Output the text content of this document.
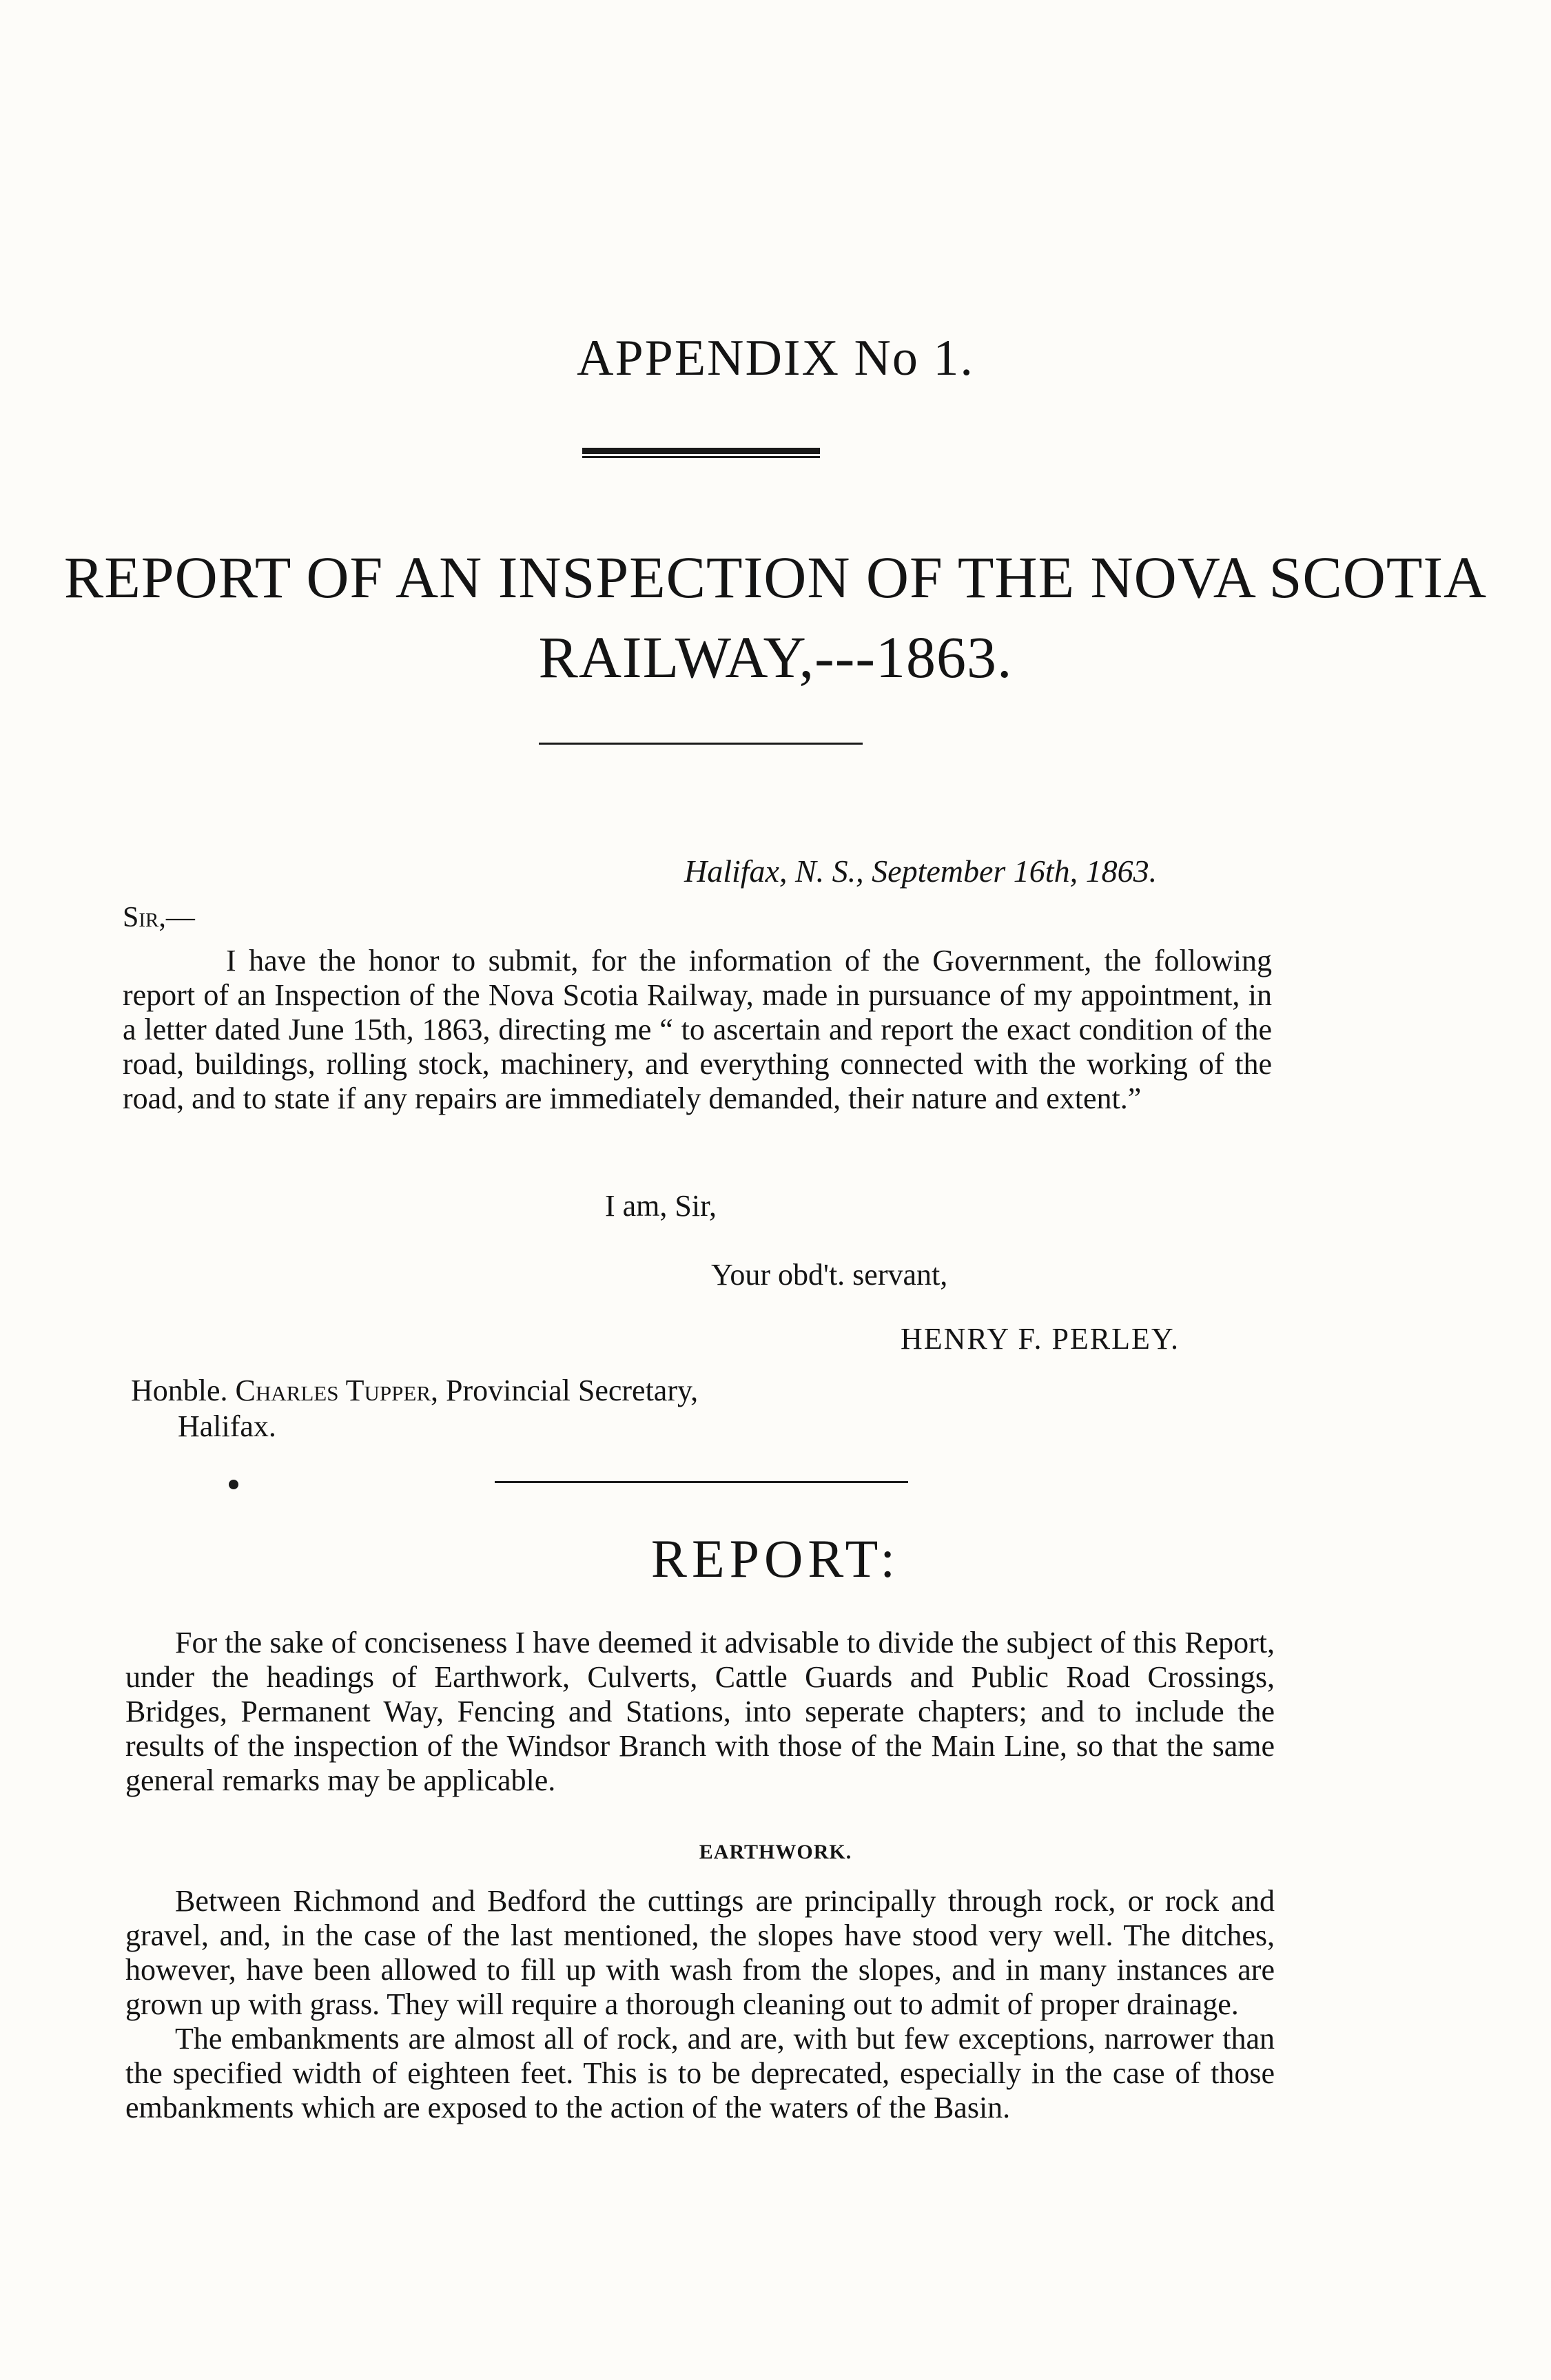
APPENDIX No 1.
REPORT OF AN INSPECTION OF THE NOVA SCOTIA
RAILWAY,---1863.

Halifax, N. S., September 16th, 1863.

Sir,—

I have the honor to submit, for the information of the Government, the following report of an Inspection of the Nova Scotia Railway, made in pursuance of my appointment, in a letter dated June 15th, 1863, directing me “ to ascertain and report the exact condition of the road, buildings, rolling stock, machinery, and everything connected with the working of the road, and to state if any repairs are immediately demanded, their nature and extent.”

I am, Sir,

Your obd't. servant,

HENRY F. PERLEY.

Honble. Charles Tupper, Provincial Secretary,
Halifax.

REPORT:

For the sake of conciseness I have deemed it advisable to divide the subject of this Report, under the headings of Earthwork, Culverts, Cattle Guards and Public Road Crossings, Bridges, Permanent Way, Fencing and Stations, into seperate chapters; and to include the results of the inspection of the Windsor Branch with those of the Main Line, so that the same general remarks may be applicable.

EARTHWORK.

Between Richmond and Bedford the cuttings are principally through rock, or rock and gravel, and, in the case of the last mentioned, the slopes have stood very well. The ditches, however, have been allowed to fill up with wash from the slopes, and in many instances are grown up with grass. They will require a thorough cleaning out to admit of proper drainage.

The embankments are almost all of rock, and are, with but few exceptions, narrower than the specified width of eighteen feet. This is to be deprecated, especially in the case of those embankments which are exposed to the action of the waters of the Basin.
